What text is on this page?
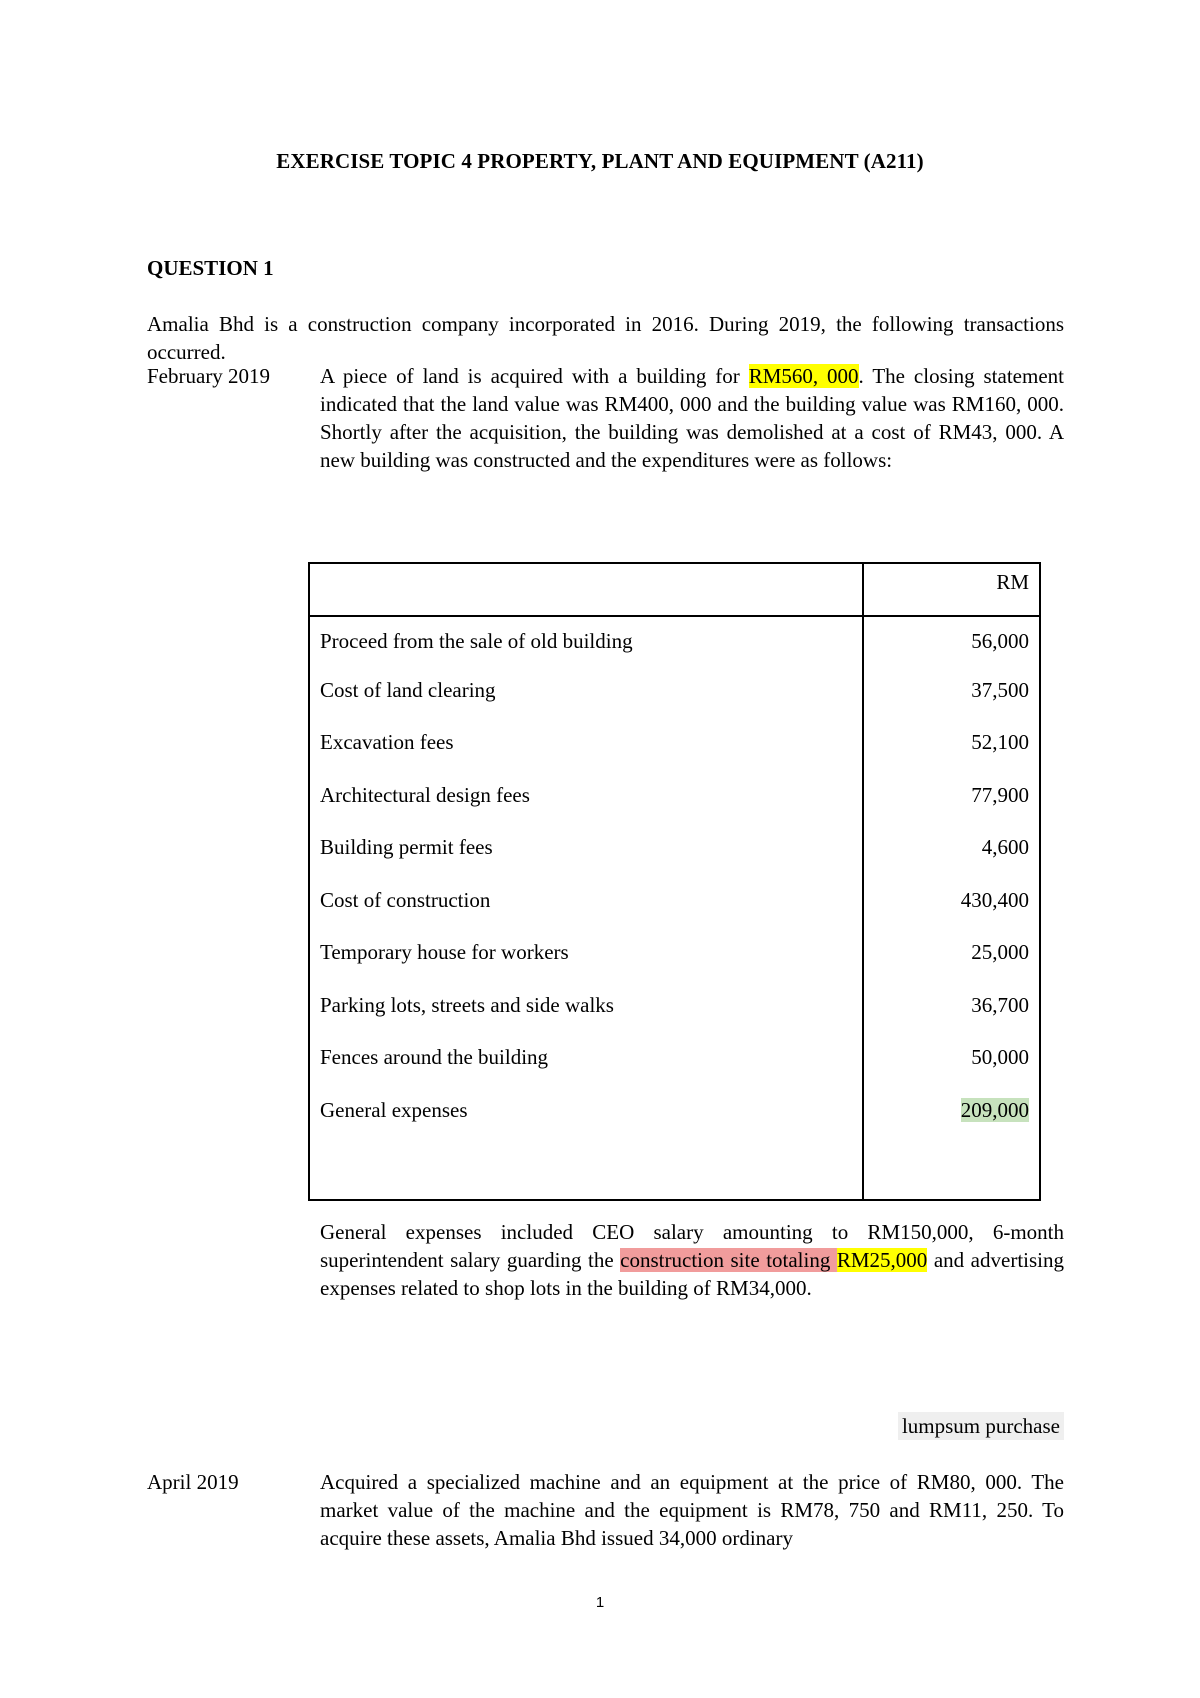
EXERCISE TOPIC 4 PROPERTY, PLANT AND EQUIPMENT (A211)
QUESTION 1
Amalia Bhd is a construction company incorporated in 2016. During 2019, the following transactions occurred.
February 2019 A piece of land is acquired with a building for RM560, 000. The closing statement indicated that the land value was RM400, 000 and the building value was RM160, 000. Shortly after the acquisition, the building was demolished at a cost of RM43, 000. A new building was constructed and the expenditures were as follows:
	RM
Proceed from the sale of old building	56,000
Cost of land clearing	37,500
Excavation fees	52,100
Architectural design fees	77,900
Building permit fees	4,600
Cost of construction	430,400
Temporary house for workers	25,000
Parking lots, streets and side walks	36,700
Fences around the building	50,000
General expenses	209,000

General expenses included CEO salary amounting to RM150,000, 6-month superintendent salary guarding the construction site totaling RM25,000 and advertising expenses related to shop lots in the building of RM34,000.
lumpsum purchase
April 2019	Acquired a specialized machine and an equipment at the price of RM80, 000. The market value of the machine and the equipment is RM78, 750 and RM11, 250. To acquire these assets, Amalia Bhd issued 34,000 ordinary
1
